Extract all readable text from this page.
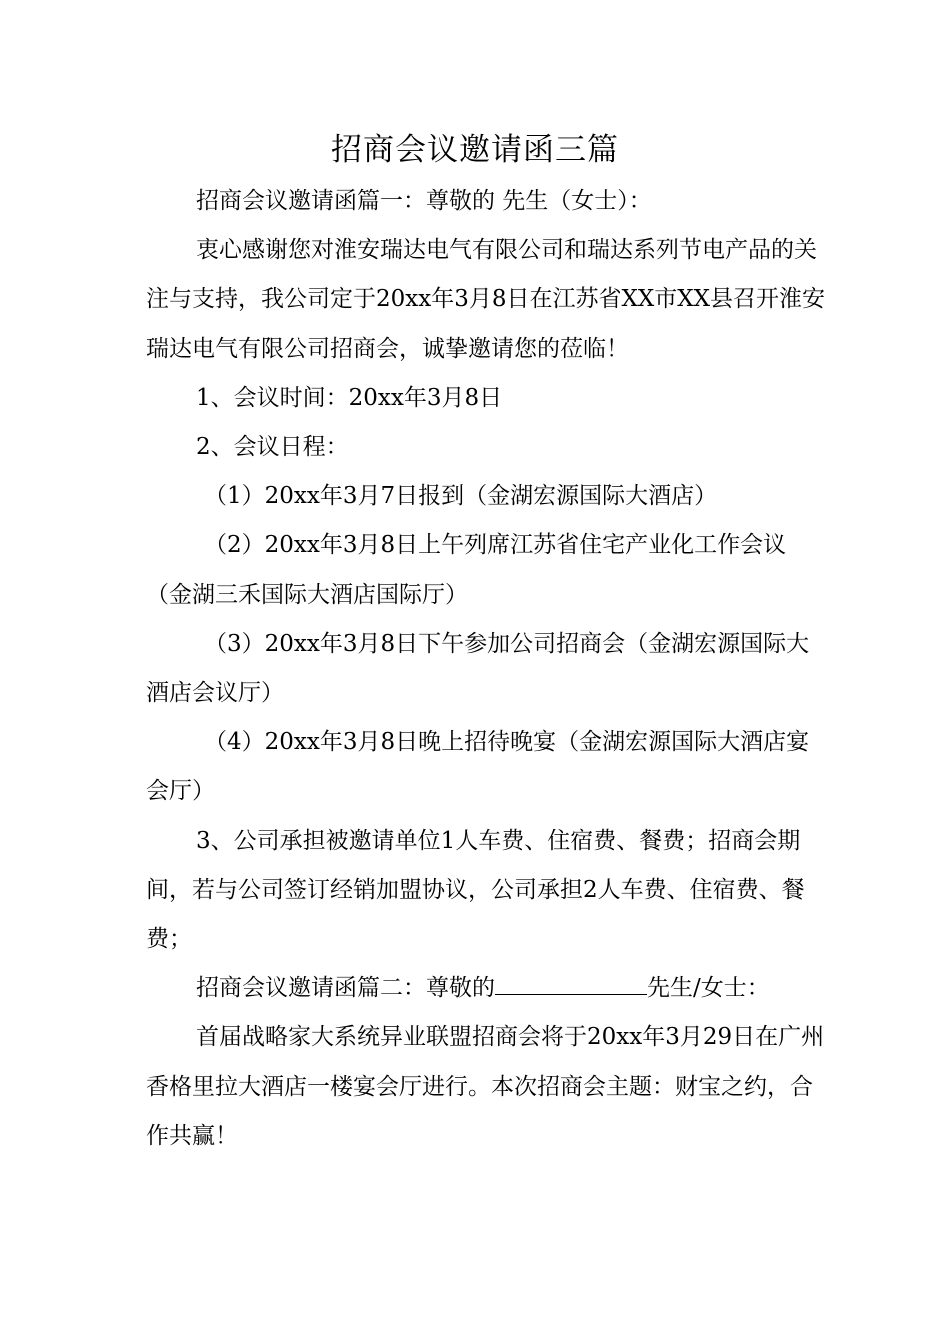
招商会议邀请函三篇

招商会议邀请函篇一：尊敬的 先生（女士）：

衷心感谢您对淮安瑞达电气有限公司和瑞达系列节电产品的关注与支持，我公司定于20xx年3月8日在江苏省XX市XX县召开淮安瑞达电气有限公司招商会，诚挚邀请您的莅临！

1、会议时间：20xx年3月8日

2、会议日程：

（1）20xx年3月7日报到（金湖宏源国际大酒店）

（2）20xx年3月8日上午列席江苏省住宅产业化工作会议（金湖三禾国际大酒店国际厅）

（3）20xx年3月8日下午参加公司招商会（金湖宏源国际大酒店会议厅）

（4）20xx年3月8日晚上招待晚宴（金湖宏源国际大酒店宴会厅）

3、公司承担被邀请单位1人车费、住宿费、餐费；招商会期间，若与公司签订经销加盟协议，公司承担2人车费、住宿费、餐费；

招商会议邀请函篇二：尊敬的	先生/女士：

首届战略家大系统异业联盟招商会将于20xx年3月29日在广州香格里拉大酒店一楼宴会厅进行。本次招商会主题：财宝之约，合作共赢！
